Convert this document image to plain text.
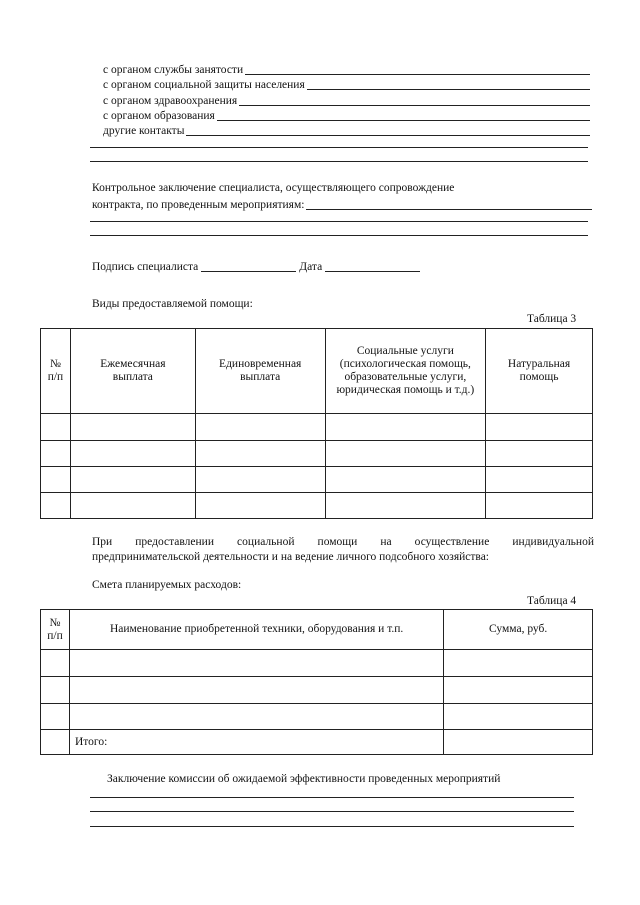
с органом службы занятости
с органом социальной защиты населения
с органом здравоохранения
с органом образования
другие контакты
Контрольное заключение специалиста, осуществляющего сопровождение
контракта, по проведенным мероприятиям:
Подпись специалиста	Дата
Виды предоставляемой помощи:
Таблица 3
№ п/п	Ежемесячная выплата	Единовременная выплата	Социальные услуги (психологическая помощь, образовательные услуги, юридическая помощь и т.д.)	Натуральная помощь

При   предоставлении   социальной   помощи   на   осуществление   индивидуальной
предпринимательской деятельности и на ведение личного подсобного хозяйства:
Смета планируемых расходов:
Таблица 4
№ п/п	Наименование приобретенной техники, оборудования и т.п.	Сумма, руб.

	Итого:	
Заключение комиссии об ожидаемой эффективности проведенных мероприятий
